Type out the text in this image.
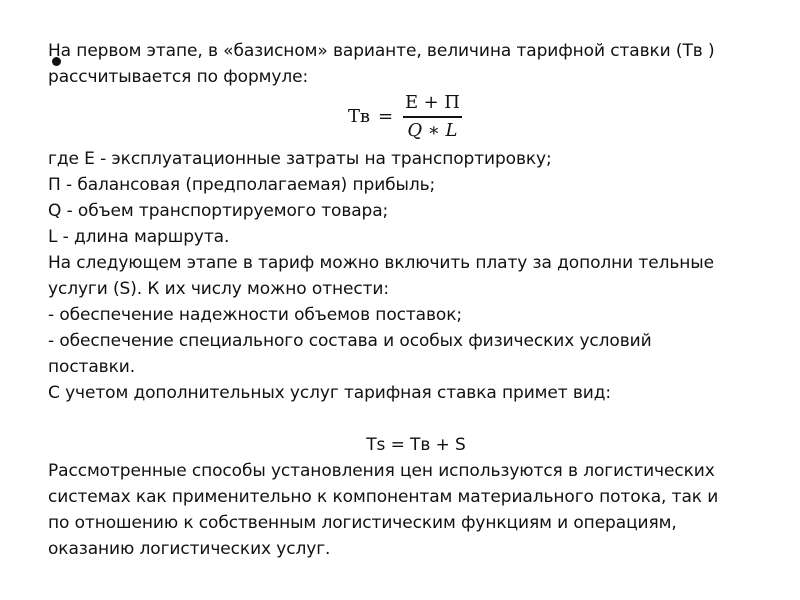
На первом этапе, в «базисном» варианте, величина тарифной ставки (Тв )
рассчитывается по формуле:
Тв = $\frac{Е + П}{Q ∗ L}$
где Е - эксплуатационные затраты на транспортировку;
П - балансовая (предполагаемая) прибыль;
Q - объем транспортируемого товара;
L - длина маршрута.
На следующем этапе в тариф можно включить плату за дополни тельные
услуги (S). К их числу можно отнести:
- обеспечение надежности объемов поставок;
- обеспечение специального состава и особых физических условий
поставки.
С учетом дополнительных услуг тарифная ставка примет вид:
Тs = Тв + S
Рассмотренные способы установления цен используются в логистических
системах как применительно к компонентам материального потока, так и
по отношению к собственным логистическим функциям и операциям,
оказанию логистических услуг.
